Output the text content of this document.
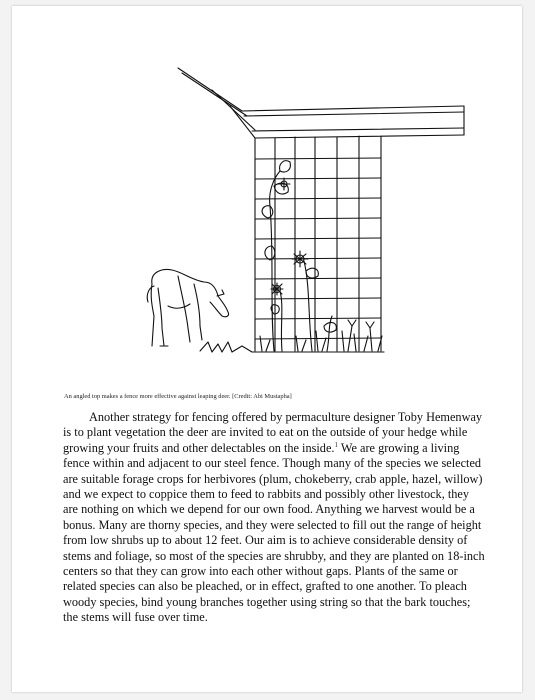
An angled top makes a fence more effective against leaping deer. [Credit: Abi Mustapha]

Another strategy for fencing offered by permaculture designer Toby Hemenway is to plant vegetation the deer are invited to eat on the outside of your hedge while growing your fruits and other delectables on the inside.$^1$ We are growing a living fence within and adjacent to our steel fence. Though many of the species we selected are suitable forage crops for herbivores (plum, chokeberry, crab apple, hazel, willow) and we expect to coppice them to feed to rabbits and possibly other livestock, they are nothing on which we depend for our own food. Anything we harvest would be a bonus. Many are thorny species, and they were selected to fill out the range of height from low shrubs up to about 12 feet. Our aim is to achieve considerable density of stems and foliage, so most of the species are shrubby, and they are planted on 18-inch centers so that they can grow into each other without gaps. Plants of the same or related species can also be pleached, or in effect, grafted to one another. To pleach woody species, bind young branches together using string so that the bark touches; the stems will fuse over time.
